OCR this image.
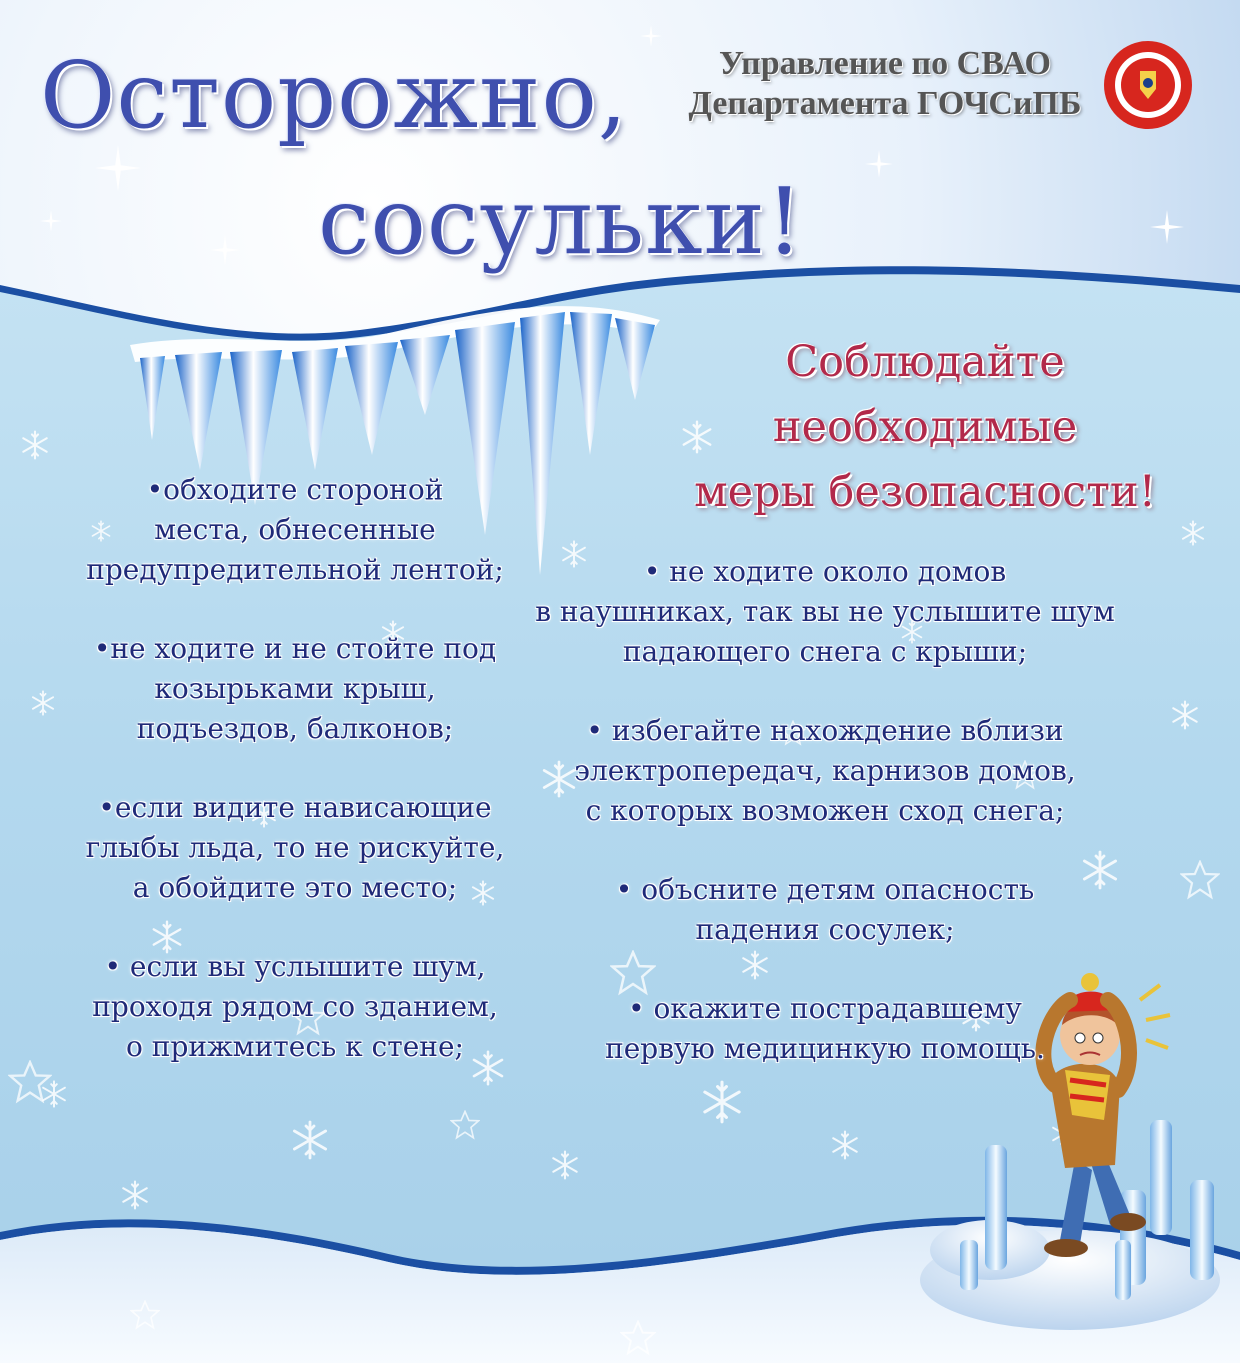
Осторожно,
сосульки!
Управление по СВАО
Департамента ГОЧСиПБ
Соблюдайте
необходимые
меры безопасности!
•обходите стороной
места, обнесенные
предупредительной лентой;
•не ходите и не стойте под
козырьками крыш,
подъездов, балконов;
•если видите нависающие
глыбы льда, то не рискуйте,
а обойдите это место;
• если вы услышите шум,
проходя рядом со зданием,
о прижмитесь к стене;
• не ходите около домов
в наушниках, так вы не услышите шум
падающего снега с крыши;
• избегайте нахождение вблизи
электропередач, карнизов домов,
с которых возможен сход снега;
• объсните детям опасность
падения сосулек;
• окажите пострадавшему
первую медицинкую помощь.
